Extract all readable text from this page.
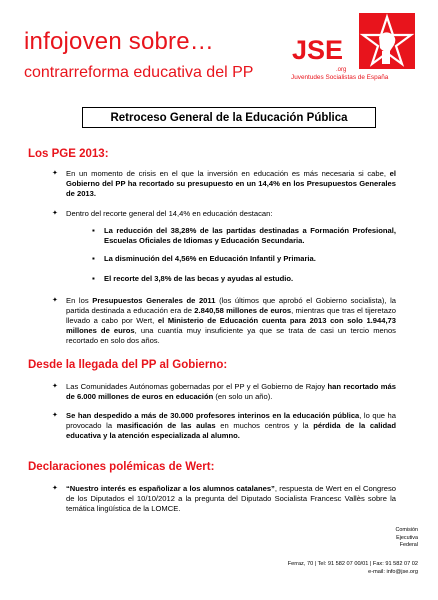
infojoven sobre…
contrarreforma educativa del PP
JSE
.org
Juventudes Socialistas de España
Retroceso General de la Educación Pública
Los PGE 2013:
✦ En un momento de crisis en el que la inversión en educación es más necesaria si cabe, el Gobierno del PP ha recortado su presupuesto en un 14,4% en los Presupuestos Generales de 2013.
✦ Dentro del recorte general del 14,4% en educación destacan:
▪ La reducción del 38,28% de las partidas destinadas a Formación Profesional, Escuelas Oficiales de Idiomas y Educación Secundaria.
▪ La disminución del 4,56% en Educación Infantil y Primaria.
▪ El recorte del 3,8% de las becas y ayudas al estudio.
✦ En los Presupuestos Generales de 2011 (los últimos que aprobó el Gobierno socialista), la partida destinada a educación era de 2.840,58 millones de euros, mientras que tras el tijeretazo llevado a cabo por Wert, el Ministerio de Educación cuenta para 2013 con solo 1.944,73 millones de euros, una cuantía muy insuficiente ya que se trata de casi un tercio menos recortado en solo dos años.
Desde la llegada del PP al Gobierno:
✦ Las Comunidades Autónomas gobernadas por el PP y el Gobierno de Rajoy han recortado más de 6.000 millones de euros en educación (en solo un año).
✦ Se han despedido a más de 30.000 profesores interinos en la educación pública, lo que ha provocado la masificación de las aulas en muchos centros y la pérdida de la calidad educativa y la atención especializada al alumno.
Declaraciones polémicas de Wert:
✦ “Nuestro interés es españolizar a los alumnos catalanes”, respuesta de Wert en el Congreso de los Diputados el 10/10/2012 a la pregunta del Diputado Socialista Francesc Vallès sobre la temática lingüística de la LOMCE.
Comisión
Ejecutiva
Federal
Ferraz, 70 | Tel: 91 582 07 00/01 | Fax: 91 582 07 02
e-mail: info@jse.org
